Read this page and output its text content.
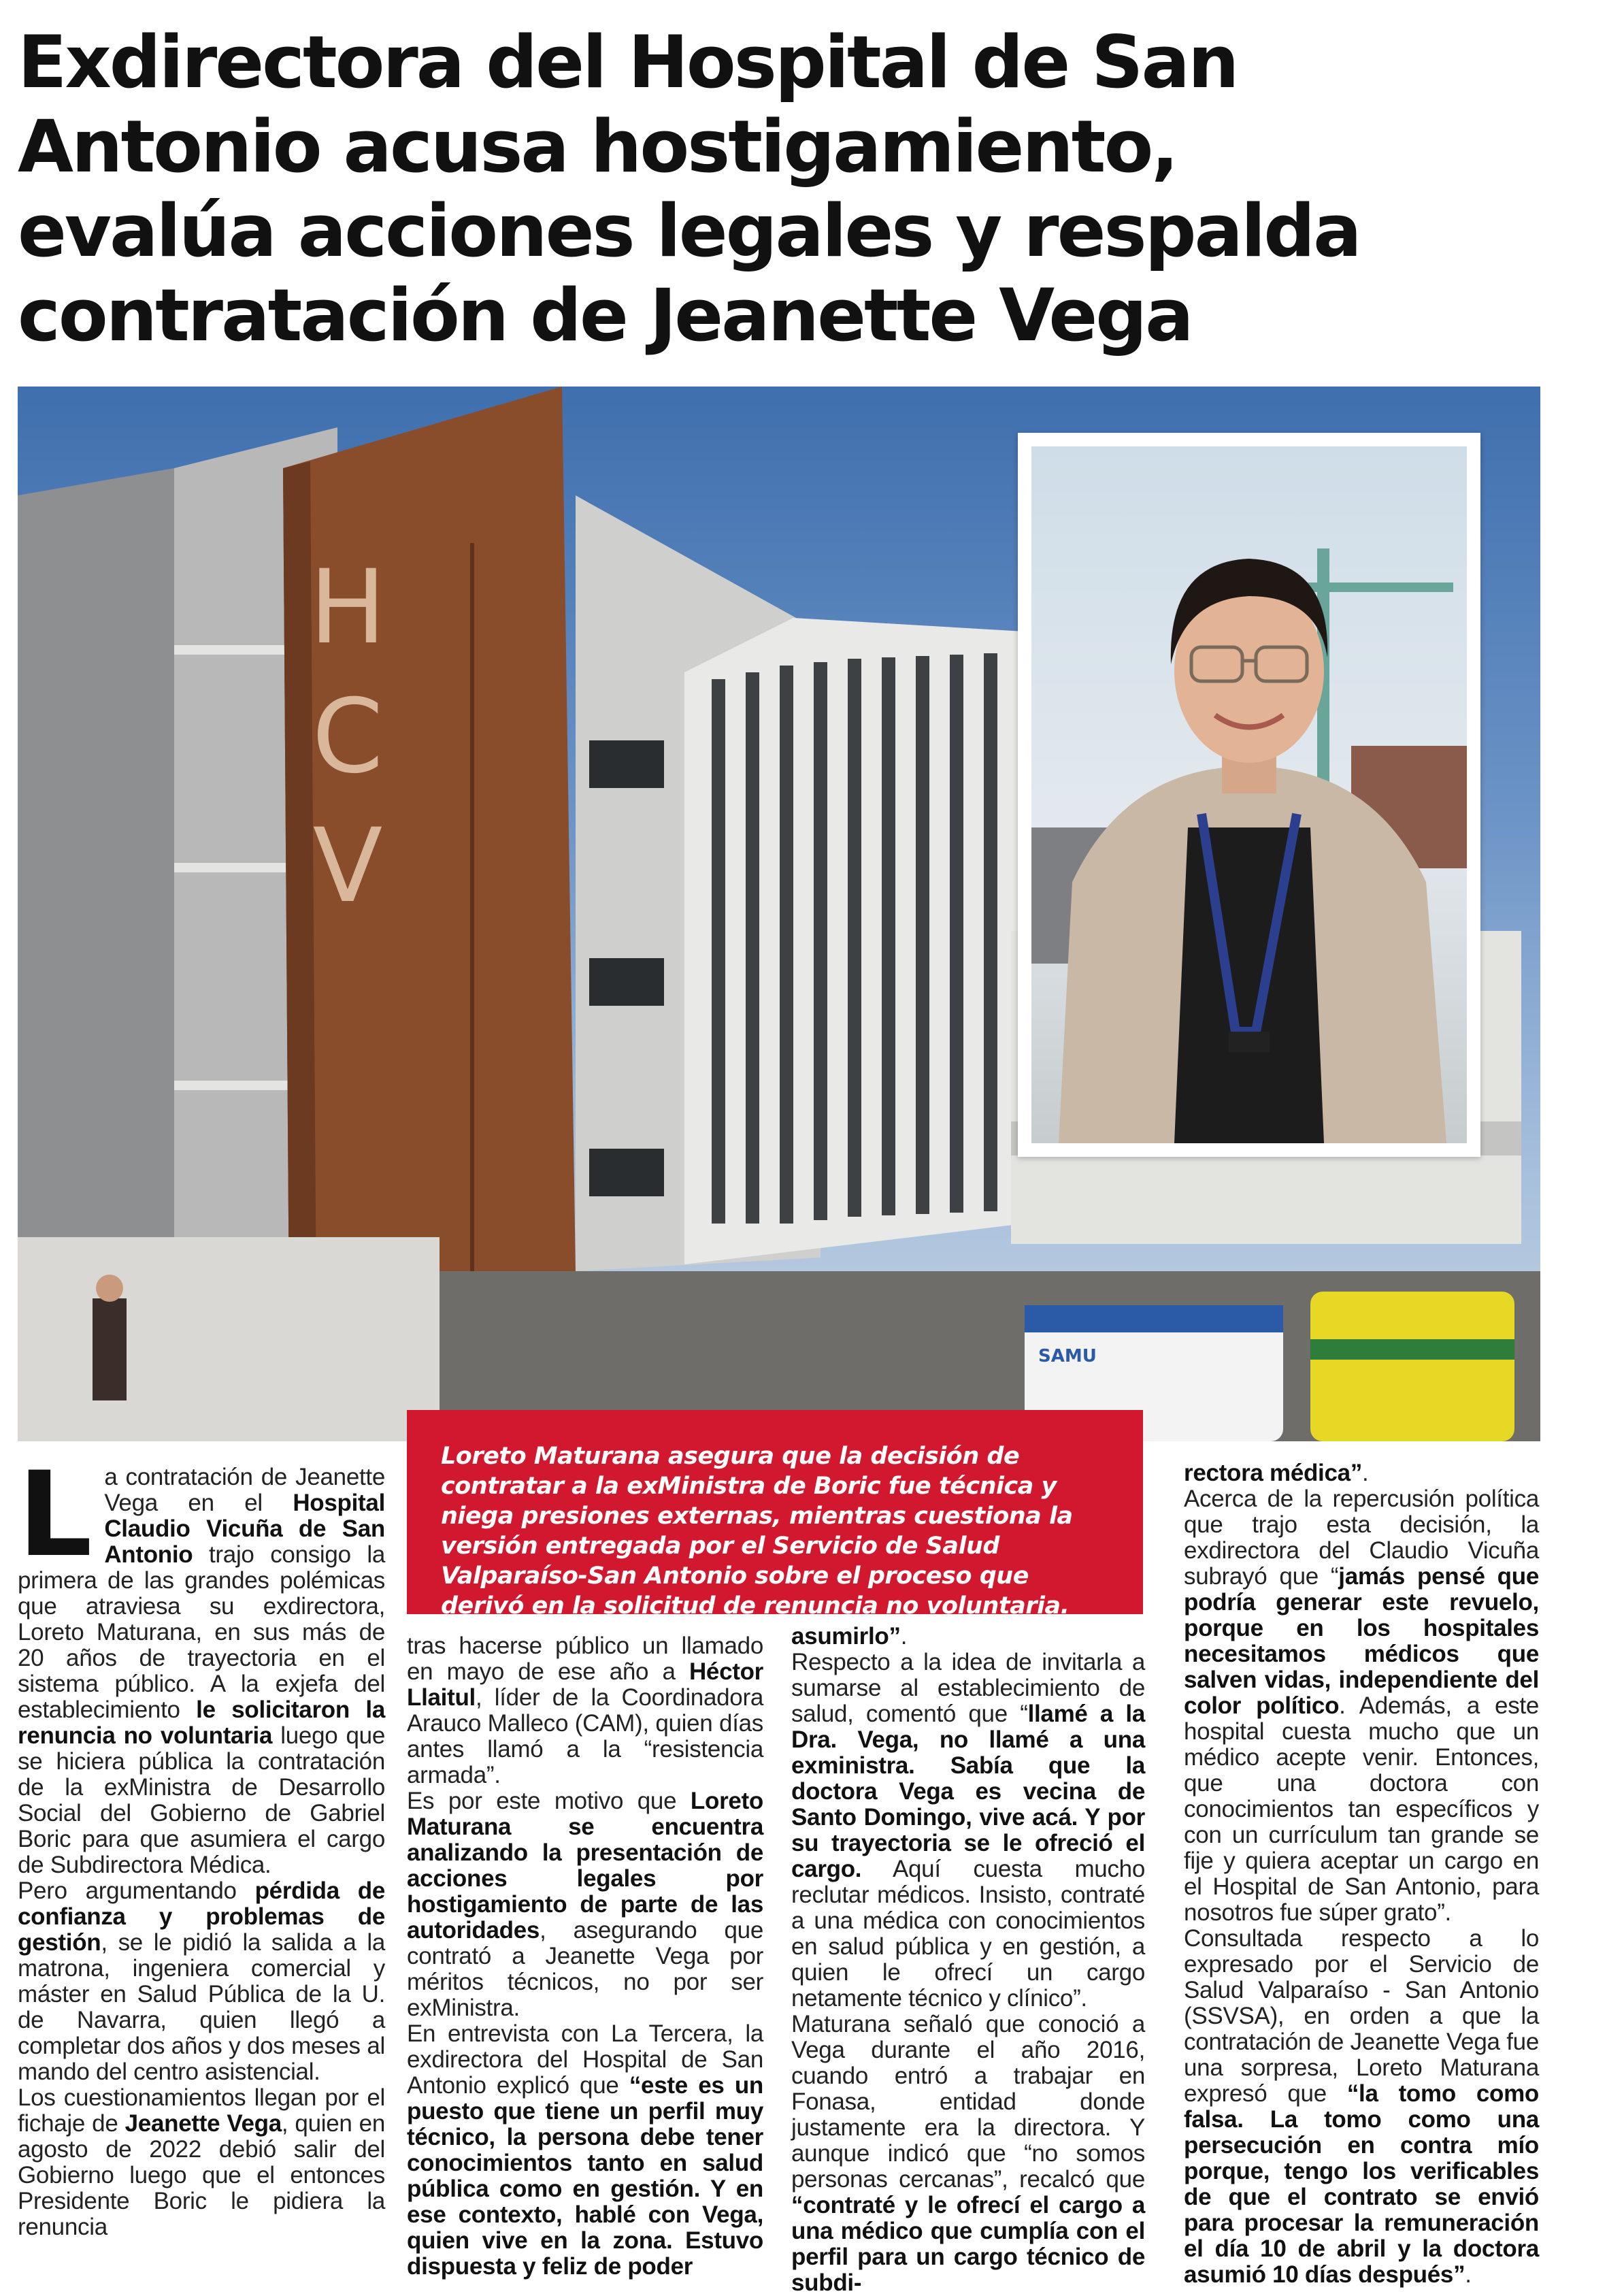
Exdirectora del Hospital de San
Antonio acusa hostigamiento,
evalúa acciones legales y respalda
contratación de Jeanette Vega
H
C
V
SAMU
Loreto Maturana asegura que la decisión de contratar a la exMinistra de Boric fue técnica y niega presiones externas, mientras cuestiona la versión entregada por el Servicio de Salud Valparaíso-San Antonio sobre el proceso que derivó en la solicitud de renuncia no voluntaria.

La contratación de Jeanette Vega en el Hospital Claudio Vicuña de San Antonio trajo consigo la primera de las grandes polémicas que atraviesa su exdirectora, Loreto Maturana, en sus más de 20 años de trayectoria en el sistema público. A la exjefa del establecimiento le solicitaron la renuncia no voluntaria luego que se hiciera pública la contratación de la exMinistra de Desarrollo Social del Gobierno de Gabriel Boric para que asumiera el cargo de Subdirectora Médica.

Pero argumentando pérdida de confianza y problemas de gestión, se le pidió la salida a la matrona, ingeniera comercial y máster en Salud Pública de la U. de Navarra, quien llegó a completar dos años y dos meses al mando del centro asistencial.

Los cuestionamientos llegan por el fichaje de Jeanette Vega, quien en agosto de 2022 debió salir del Gobierno luego que el entonces Presidente Boric le pidiera la renuncia

tras hacerse público un llamado en mayo de ese año a Héctor Llaitul, líder de la Coordinadora Arauco Malleco (CAM), quien días antes llamó a la “resistencia armada”.

Es por este motivo que Loreto Maturana se encuentra analizando la presentación de acciones legales por hostigamiento de parte de las autoridades, asegurando que contrató a Jeanette Vega por méritos técnicos, no por ser exMinistra.

En entrevista con La Tercera, la exdirectora del Hospital de San Antonio explicó que “este es un puesto que tiene un perfil muy técnico, la persona debe tener conocimientos tanto en salud pública como en gestión. Y en ese contexto, hablé con Vega, quien vive en la zona. Estuvo dispuesta y feliz de poder

asumirlo”.

Respecto a la idea de invitarla a sumarse al establecimiento de salud, comentó que “llamé a la Dra. Vega, no llamé a una exministra. Sabía que la doctora Vega es vecina de Santo Domingo, vive acá. Y por su trayectoria se le ofreció el cargo. Aquí cuesta mucho reclutar médicos. Insisto, contraté a una médica con conocimientos en salud pública y en gestión, a quien le ofrecí un cargo netamente técnico y clínico”.

Maturana señaló que conoció a Vega durante el año 2016, cuando entró a trabajar en Fonasa, entidad donde justamente era la directora. Y aunque indicó que “no somos personas cercanas”, recalcó que “contraté y le ofrecí el cargo a una médico que cumplía con el perfil para un cargo técnico de subdi-

rectora médica”.

Acerca de la repercusión política que trajo esta decisión, la exdirectora del Claudio Vicuña subrayó que “jamás pensé que podría generar este revuelo, porque en los hospitales necesitamos médicos que salven vidas, independiente del color político. Además, a este hospital cuesta mucho que un médico acepte venir. Entonces, que una doctora con conocimientos tan específicos y con un currículum tan grande se fije y quiera aceptar un cargo en el Hospital de San Antonio, para nosotros fue súper grato”.

Consultada respecto a lo expresado por el Servicio de Salud Valparaíso - San Antonio (SSVSA), en orden a que la contratación de Jeanette Vega fue una sorpresa, Loreto Maturana expresó que “la tomo como falsa. La tomo como una persecución en contra mío porque, tengo los verificables de que el contrato se envió para procesar la remuneración el día 10 de abril y la doctora asumió 10 días después”.
